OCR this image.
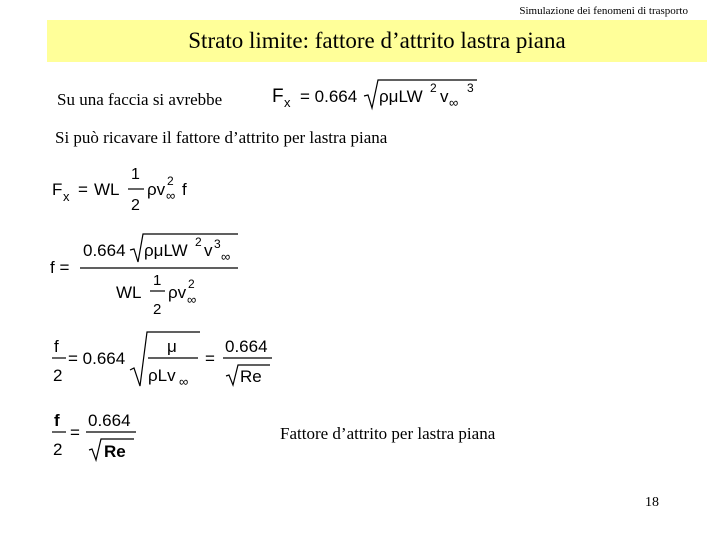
Simulazione dei fenomeni di trasporto
Strato limite: fattore d’attrito lastra piana
Su una faccia si avrebbe
Si può ricavare il fattore d’attrito per lastra piana
F x = 0.664 ρμLW 2 v ∞
3
F x = WL
1
2
ρv 2
∞ f
f =
0.664 ρμLW 2 v 3
∞
WL
1
2
ρv 2
∞
f
2
= 0.664
μ
ρLv ∞
=
0.664
Re
f
2
=
0.664
Re
Fattore d’attrito per lastra piana
18
